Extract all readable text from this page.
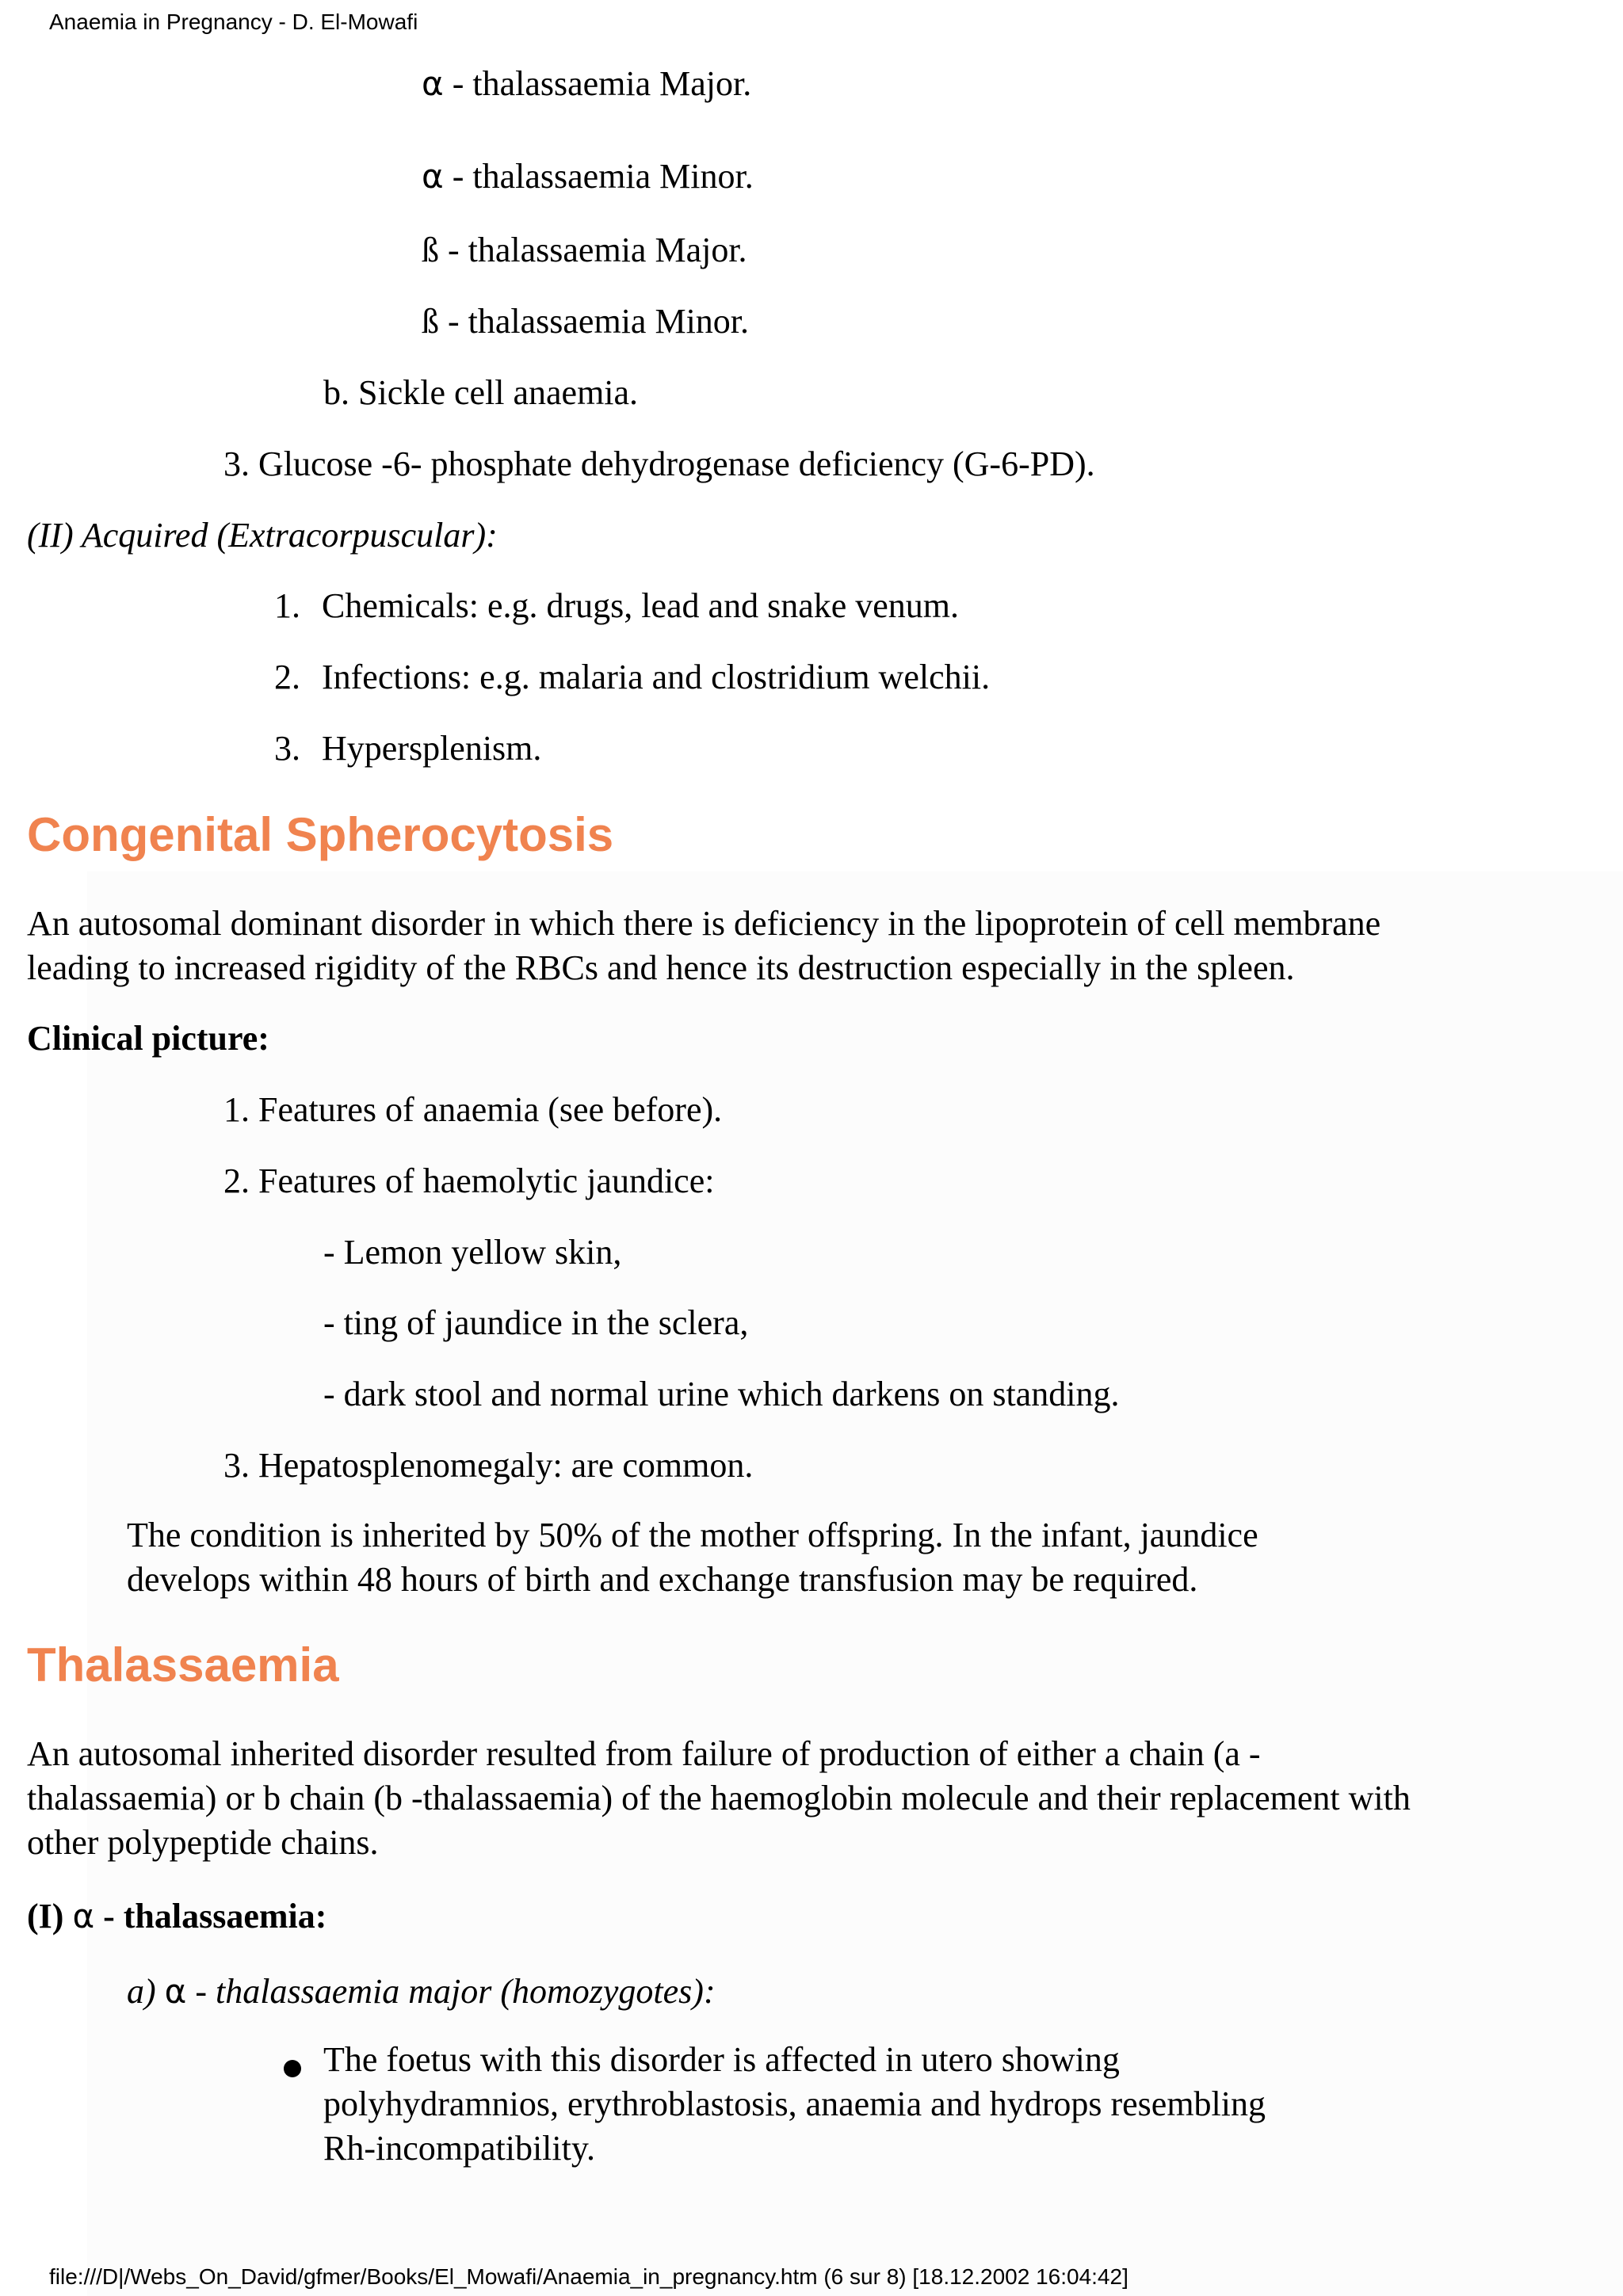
Anaemia in Pregnancy - D. El-Mowafi
α - thalassaemia Major.
α - thalassaemia Minor.
ß - thalassaemia Major.
ß - thalassaemia Minor.
b. Sickle cell anaemia.
3. Glucose -6- phosphate dehydrogenase deficiency (G-6-PD).
(II) Acquired (Extracorpuscular):
1. Chemicals: e.g. drugs, lead and snake venum.
2. Infections: e.g. malaria and clostridium welchii.
3. Hypersplenism.
Congenital Spherocytosis
An autosomal dominant disorder in which there is deficiency in the lipoprotein of cell membrane
leading to increased rigidity of the RBCs and hence its destruction especially in the spleen.
Clinical picture:
1. Features of anaemia (see before).
2. Features of haemolytic jaundice:
- Lemon yellow skin,
- ting of jaundice in the sclera,
- dark stool and normal urine which darkens on standing.
3. Hepatosplenomegaly: are common.
The condition is inherited by 50% of the mother offspring. In the infant, jaundice
develops within 48 hours of birth and exchange transfusion may be required.
Thalassaemia
An autosomal inherited disorder resulted from failure of production of either a chain (a -
thalassaemia) or b chain (b -thalassaemia) of the haemoglobin molecule and their replacement with
other polypeptide chains.
(I) α - thalassaemia:
a) α - thalassaemia major (homozygotes):
The foetus with this disorder is affected in utero showing
polyhydramnios, erythroblastosis, anaemia and hydrops resembling
Rh-incompatibility.
file:///D|/Webs_On_David/gfmer/Books/El_Mowafi/Anaemia_in_pregnancy.htm (6 sur 8) [18.12.2002 16:04:42]
